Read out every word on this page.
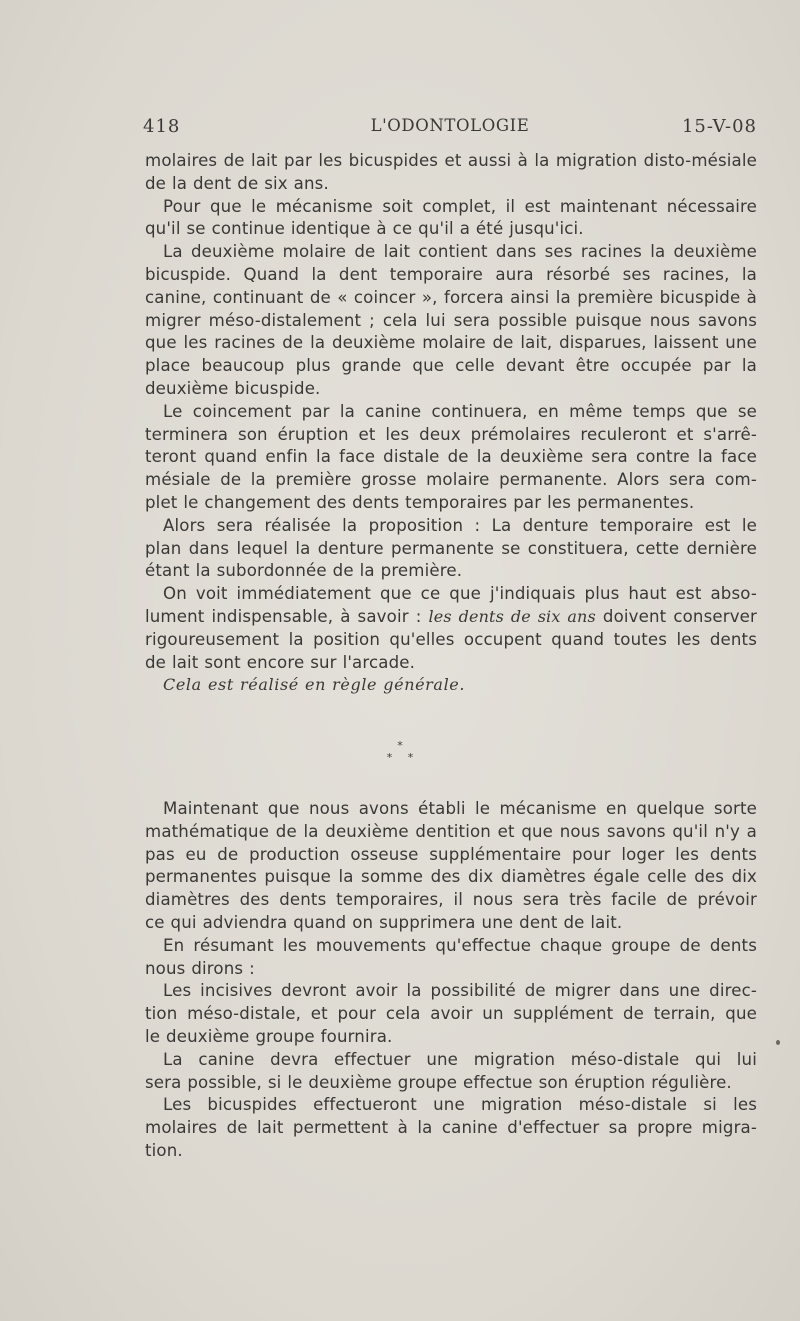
418	L'ODONTOLOGIE	15-V-08
molaires de lait par les bicuspides et aussi à la migration disto-mésiale
de la dent de six ans.
Pour que le mécanisme soit complet, il est maintenant nécessaire
qu'il se continue identique à ce qu'il a été jusqu'ici.
La deuxième molaire de lait contient dans ses racines la deuxième
bicuspide. Quand la dent temporaire aura résorbé ses racines, la
canine, continuant de « coincer », forcera ainsi la première bicuspide à
migrer méso-distalement ; cela lui sera possible puisque nous savons
que les racines de la deuxième molaire de lait, disparues, laissent une
place beaucoup plus grande que celle devant être occupée par la
deuxième bicuspide.
Le coincement par la canine continuera, en même temps que se
terminera son éruption et les deux prémolaires reculeront et s'arrê-
teront quand enfin la face distale de la deuxième sera contre la face
mésiale de la première grosse molaire permanente. Alors sera com-
plet le changement des dents temporaires par les permanentes.
Alors sera réalisée la proposition : La denture temporaire est le
plan dans lequel la denture permanente se constituera, cette dernière
étant la subordonnée de la première.
On voit immédiatement que ce que j'indiquais plus haut est abso-
lument indispensable, à savoir : les dents de six ans doivent conserver
rigoureusement la position qu'elles occupent quand toutes les dents
de lait sont encore sur l'arcade.
Cela est réalisé en règle générale.
*
* *
Maintenant que nous avons établi le mécanisme en quelque sorte
mathématique de la deuxième dentition et que nous savons qu'il n'y a
pas eu de production osseuse supplémentaire pour loger les dents
permanentes puisque la somme des dix diamètres égale celle des dix
diamètres des dents temporaires, il nous sera très facile de prévoir
ce qui adviendra quand on supprimera une dent de lait.
En résumant les mouvements qu'effectue chaque groupe de dents
nous dirons :
Les incisives devront avoir la possibilité de migrer dans une direc-
tion méso-distale, et pour cela avoir un supplément de terrain, que
le deuxième groupe fournira.
La canine devra effectuer une migration méso-distale qui lui
sera possible, si le deuxième groupe effectue son éruption régulière.
Les bicuspides effectueront une migration méso-distale si les
molaires de lait permettent à la canine d'effectuer sa propre migra-
tion.
